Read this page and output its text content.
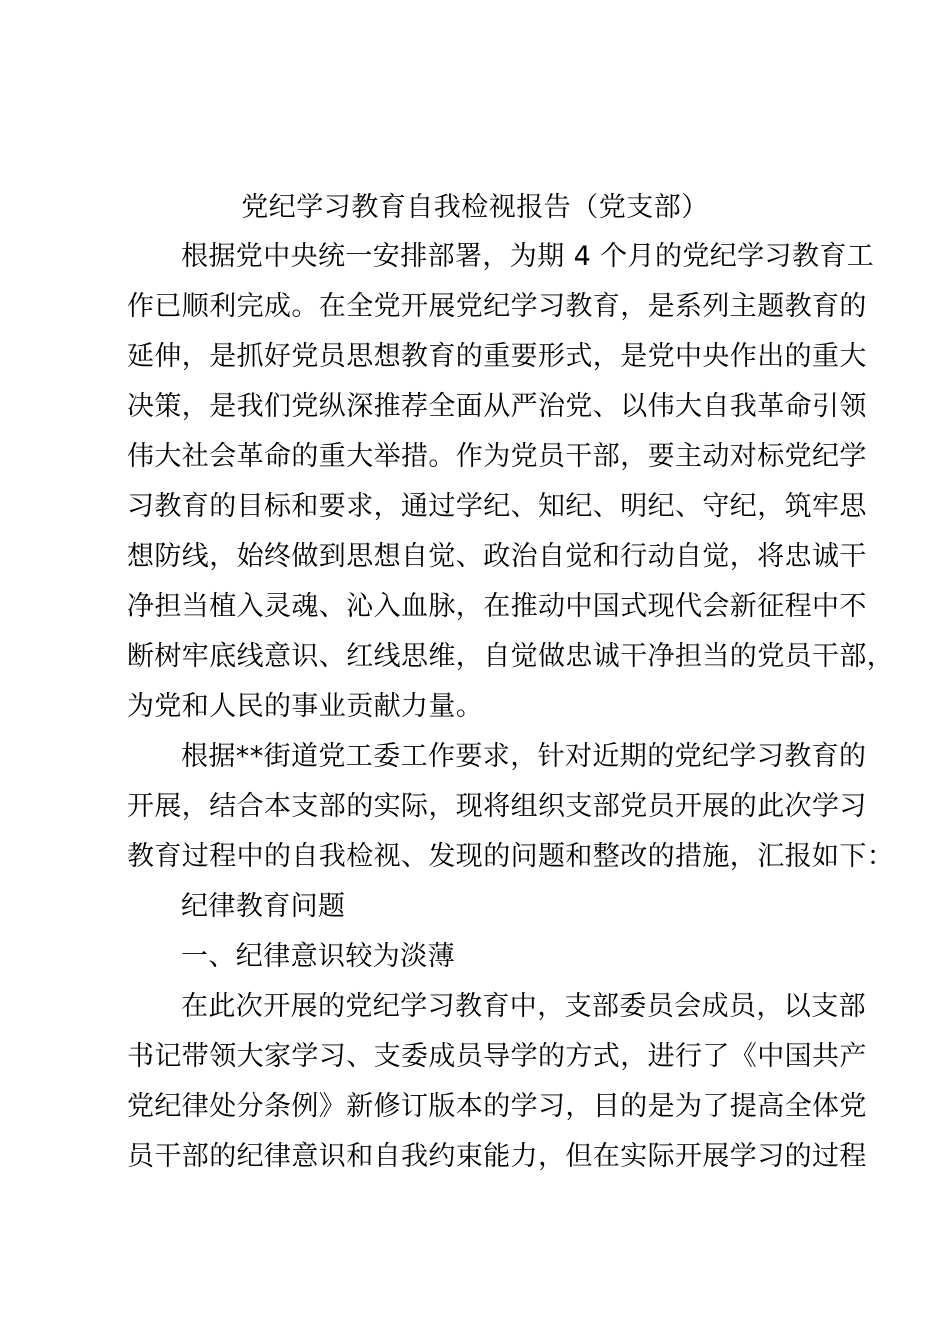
党纪学习教育自我检视报告（党支部）
根据党中央统一安排部署，为期 4 个月的党纪学习教育工
作已顺利完成。在全党开展党纪学习教育，是系列主题教育的
延伸，是抓好党员思想教育的重要形式，是党中央作出的重大
决策，是我们党纵深推荐全面从严治党、以伟大自我革命引领
伟大社会革命的重大举措。作为党员干部，要主动对标党纪学
习教育的目标和要求，通过学纪、知纪、明纪、守纪，筑牢思
想防线，始终做到思想自觉、政治自觉和行动自觉，将忠诚干
净担当植入灵魂、沁入血脉，在推动中国式现代会新征程中不
断树牢底线意识、红线思维，自觉做忠诚干净担当的党员干部，
为党和人民的事业贡献力量。
根据**街道党工委工作要求，针对近期的党纪学习教育的
开展，结合本支部的实际，现将组织支部党员开展的此次学习
教育过程中的自我检视、发现的问题和整改的措施，汇报如下：
纪律教育问题
一、纪律意识较为淡薄
在此次开展的党纪学习教育中，支部委员会成员，以支部
书记带领大家学习、支委成员导学的方式，进行了《中国共产
党纪律处分条例》新修订版本的学习，目的是为了提高全体党
员干部的纪律意识和自我约束能力，但在实际开展学习的过程
